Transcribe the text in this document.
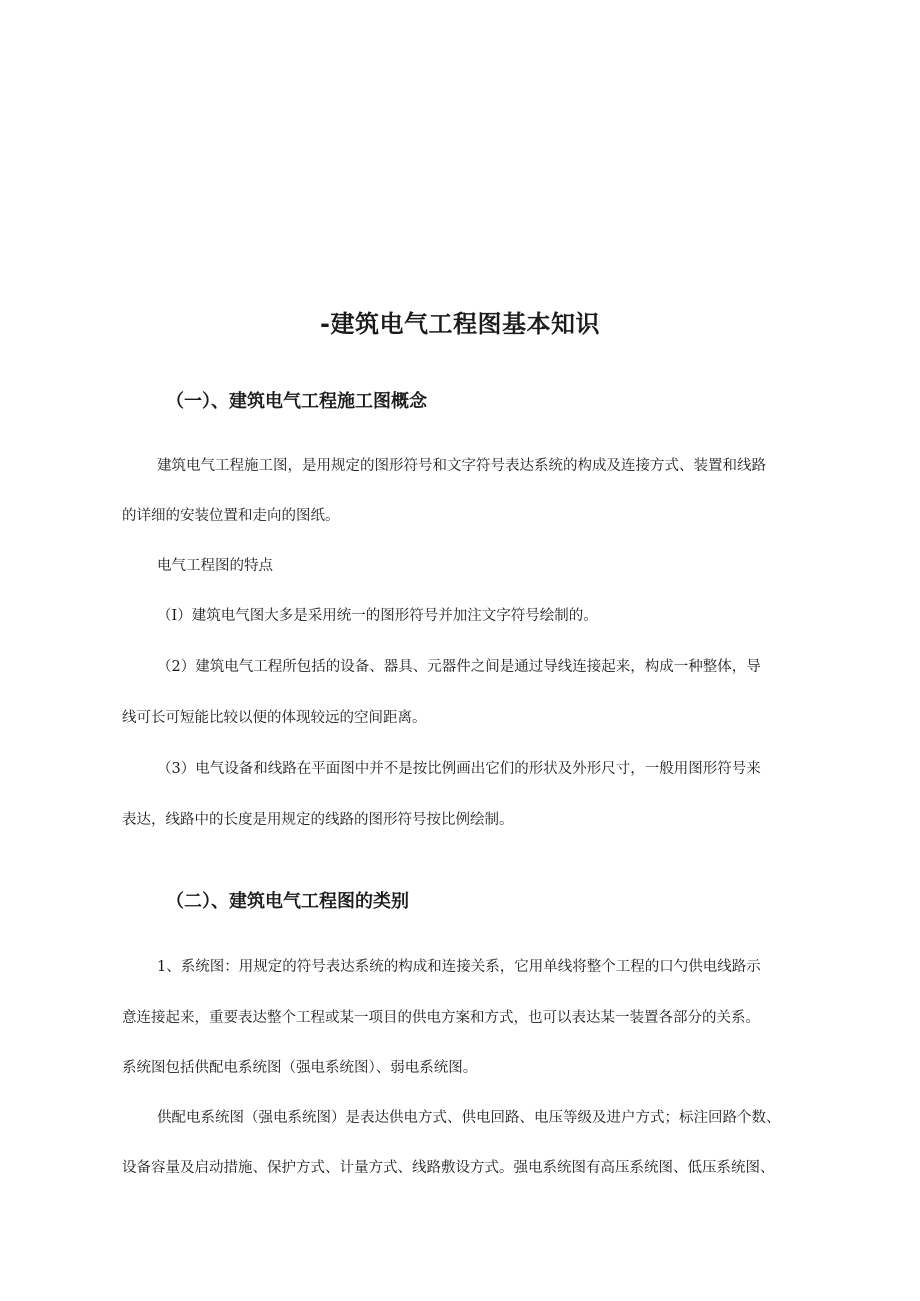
-建筑电气工程图基本知识
（一）、建筑电气工程施工图概念

建筑电气工程施工图，是用规定的图形符号和文字符号表达系统的构成及连接方式、装置和线路

的详细的安装位置和走向的图纸。

电气工程图的特点

（I）建筑电气图大多是采用统一的图形符号并加注文字符号绘制的。

（2）建筑电气工程所包括的设备、器具、元器件之间是通过导线连接起来，构成一种整体，导

线可长可短能比较以便的体现较远的空间距离。

（3）电气设备和线路在平面图中并不是按比例画出它们的形状及外形尺寸，一般用图形符号来

表达，线路中的长度是用规定的线路的图形符号按比例绘制。

（二）、建筑电气工程图的类别

1、系统图：用规定的符号表达系统的构成和连接关系，它用单线将整个工程的口勺供电线路示

意连接起来，重要表达整个工程或某一项目的供电方案和方式，也可以表达某一装置各部分的关系。

系统图包括供配电系统图（强电系统图）、弱电系统图。

供配电系统图（强电系统图）是表达供电方式、供电回路、电压等级及进户方式；标注回路个数、

设备容量及启动措施、保护方式、计量方式、线路敷设方式。强电系统图有高压系统图、低压系统图、
